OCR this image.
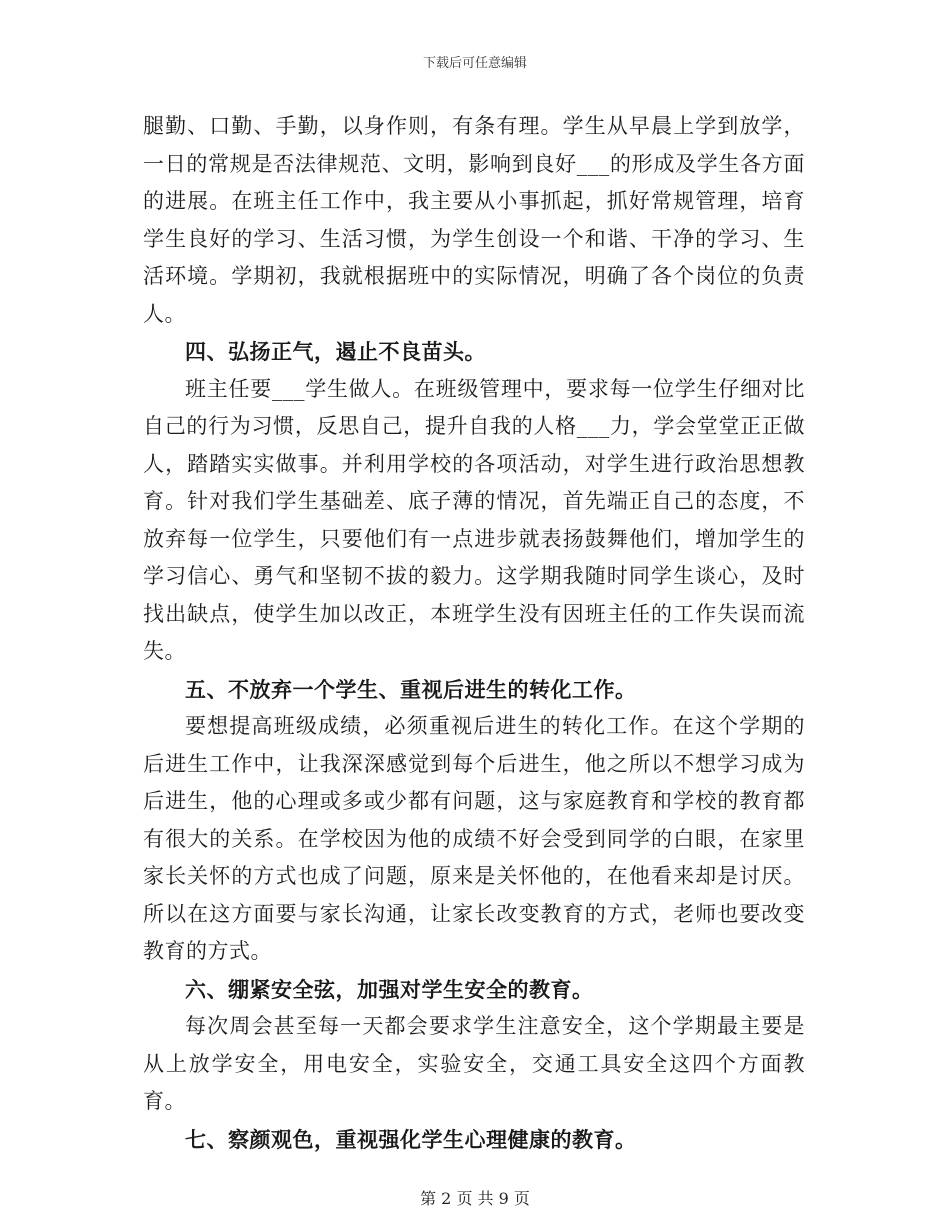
下载后可任意编辑

腿勤、口勤、手勤，以身作则，有条有理。学生从早晨上学到放学，一日的常规是否法律规范、文明，影响到良好___的形成及学生各方面的进展。在班主任工作中，我主要从小事抓起，抓好常规管理，培育学生良好的学习、生活习惯，为学生创设一个和谐、干净的学习、生活环境。学期初，我就根据班中的实际情况，明确了各个岗位的负责人。

四、弘扬正气，遏止不良苗头。

班主任要___学生做人。在班级管理中，要求每一位学生仔细对比自己的行为习惯，反思自己，提升自我的人格___力，学会堂堂正正做人，踏踏实实做事。并利用学校的各项活动，对学生进行政治思想教育。针对我们学生基础差、底子薄的情况，首先端正自己的态度，不放弃每一位学生，只要他们有一点进步就表扬鼓舞他们，增加学生的学习信心、勇气和坚韧不拔的毅力。这学期我随时同学生谈心，及时找出缺点，使学生加以改正，本班学生没有因班主任的工作失误而流失。

五、不放弃一个学生、重视后进生的转化工作。

要想提高班级成绩，必须重视后进生的转化工作。在这个学期的后进生工作中，让我深深感觉到每个后进生，他之所以不想学习成为后进生，他的心理或多或少都有问题，这与家庭教育和学校的教育都有很大的关系。在学校因为他的成绩不好会受到同学的白眼，在家里家长关怀的方式也成了问题，原来是关怀他的，在他看来却是讨厌。所以在这方面要与家长沟通，让家长改变教育的方式，老师也要改变教育的方式。

六、绷紧安全弦，加强对学生安全的教育。

每次周会甚至每一天都会要求学生注意安全，这个学期最主要是从上放学安全，用电安全，实验安全，交通工具安全这四个方面教育。

七、察颜观色，重视强化学生心理健康的教育。

第 2 页 共 9 页
